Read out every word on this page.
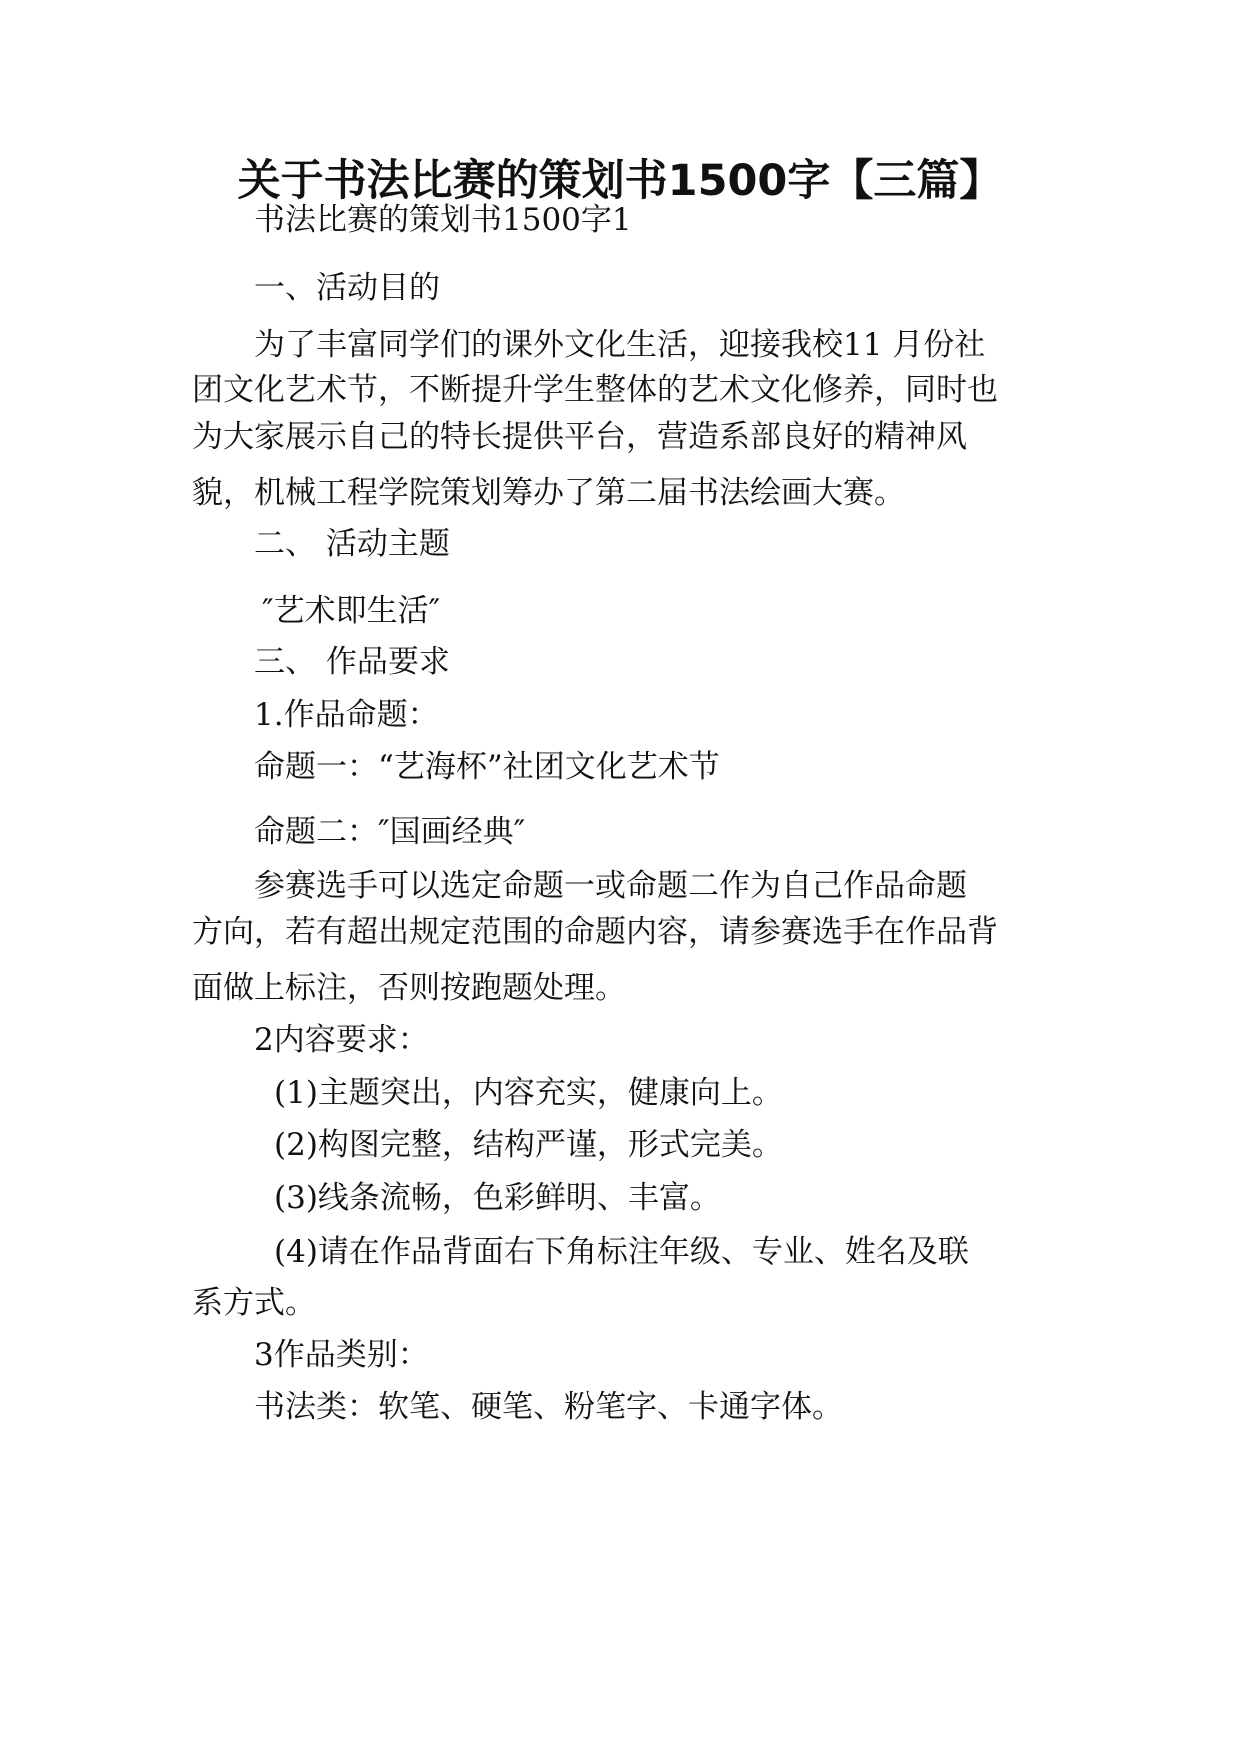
关于书法比赛的策划书1500字【三篇】

书法比赛的策划书1500字1

一、活动目的

为了丰富同学们的课外文化生活，迎接我校11 月份社

团文化艺术节，不断提升学生整体的艺术文化修养，同时也

为大家展示自己的特长提供平台，营造系部良好的精神风

貌，机械工程学院策划筹办了第二届书法绘画大赛。

二、 活动主题

″艺术即生活″

三、 作品要求

1.作品命题：

命题一：“艺海杯”社团文化艺术节

命题二：″国画经典″

参赛选手可以选定命题一或命题二作为自己作品命题

方向，若有超出规定范围的命题内容，请参赛选手在作品背

面做上标注，否则按跑题处理。

2内容要求：

(1)主题突出，内容充实，健康向上。

(2)构图完整，结构严谨，形式完美。

(3)线条流畅，色彩鲜明、丰富。

(4)请在作品背面右下角标注年级、专业、姓名及联

系方式。

3作品类别：

书法类：软笔、硬笔、粉笔字、卡通字体。
